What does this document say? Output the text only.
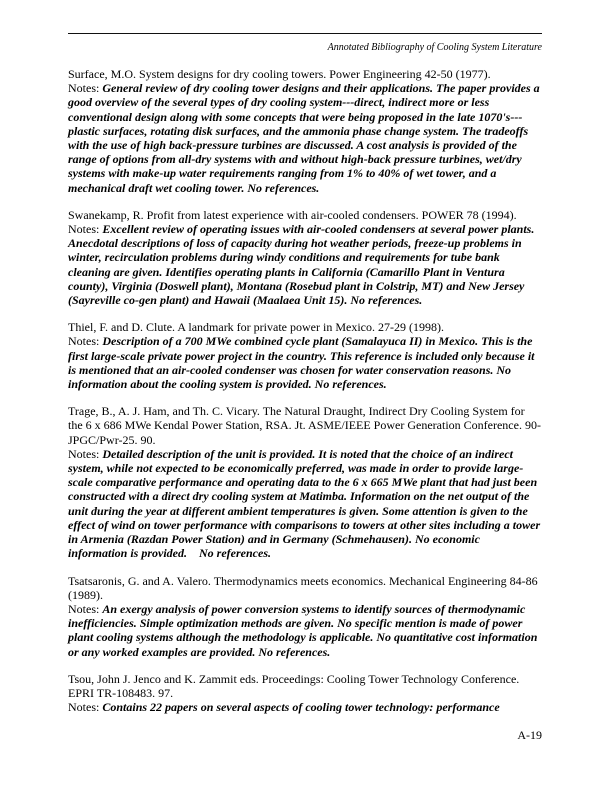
Annotated Bibliography of Cooling System Literature

Surface, M.O. System designs for dry cooling towers. Power Engineering 42-50 (1977).
Notes: General review of dry cooling tower designs and their applications. The paper provides a good overview of the several types of dry cooling system---direct, indirect more or less conventional design along with some concepts that were being proposed in the late 1070's---plastic surfaces, rotating disk surfaces, and the ammonia phase change system. The tradeoffs with the use of high back-pressure turbines are discussed. A cost analysis is provided of the range of options from all-dry systems with and without high-back pressure turbines, wet/dry systems with make-up water requirements ranging from 1% to 40% of wet tower, and a mechanical draft wet cooling tower. No references.

Swanekamp, R. Profit from latest experience with air-cooled condensers. POWER 78 (1994).
Notes: Excellent review of operating issues with air-cooled condensers at several power plants. Anecdotal descriptions of loss of capacity during hot weather periods, freeze-up problems in winter, recirculation problems during windy conditions and requirements for tube bank cleaning are given. Identifies operating plants in California (Camarillo Plant in Ventura county), Virginia (Doswell plant), Montana (Rosebud plant in Colstrip, MT) and New Jersey (Sayreville co-gen plant) and Hawaii (Maalaea Unit 15). No references.

Thiel, F. and D. Clute. A landmark for private power in Mexico. 27-29 (1998).
Notes: Description of a 700 MWe combined cycle plant (Samalayuca II) in Mexico. This is the first large-scale private power project in the country. This reference is included only because it is mentioned that an air-cooled condenser was chosen for water conservation reasons. No information about the cooling system is provided. No references.

Trage, B., A. J. Ham, and Th. C. Vicary. The Natural Draught, Indirect Dry Cooling System for the 6 x 686 MWe Kendal Power Station, RSA. Jt. ASME/IEEE Power Generation Conference. 90-JPGC/Pwr-25. 90.
Notes: Detailed description of the unit is provided. It is noted that the choice of an indirect system, while not expected to be economically preferred, was made in order to provide large-scale comparative performance and operating data to the 6 x 665 MWe plant that had just been constructed with a direct dry cooling system at Matimba. Information on the net output of the unit during the year at different ambient temperatures is given. Some attention is given to the effect of wind on tower performance with comparisons to towers at other sites including a tower in Armenia (Razdan Power Station) and in Germany (Schmehausen). No economic information is provided.    No references.

Tsatsaronis, G. and A. Valero. Thermodynamics meets economics. Mechanical Engineering 84-86 (1989).
Notes: An exergy analysis of power conversion systems to identify sources of thermodynamic inefficiencies. Simple optimization methods are given. No specific mention is made of power plant cooling systems although the methodology is applicable. No quantitative cost information or any worked examples are provided. No references.

Tsou, John J. Jenco and K. Zammit eds. Proceedings: Cooling Tower Technology Conference. EPRI TR-108483. 97.
Notes: Contains 22 papers on several aspects of cooling tower technology: performance

A-19
